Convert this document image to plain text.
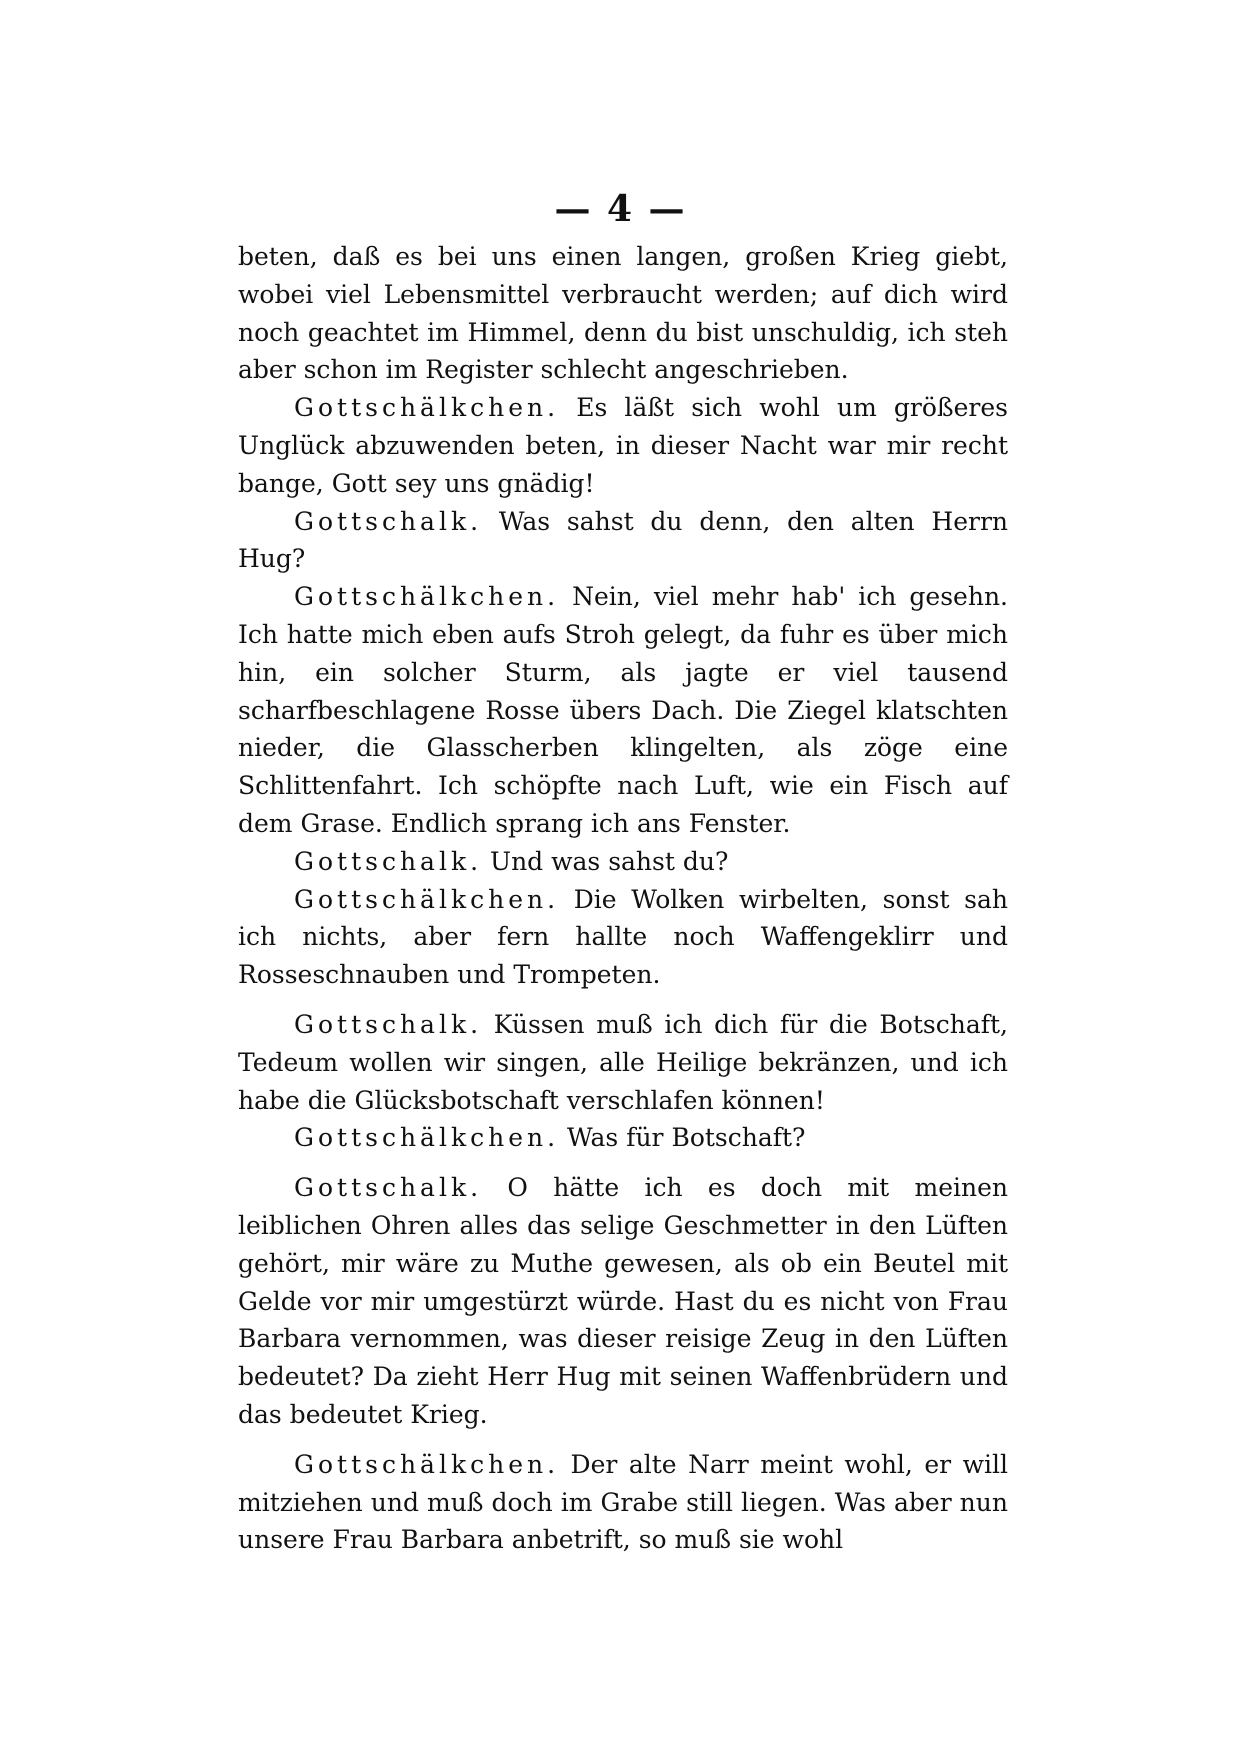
— 4 —

beten, daß es bei uns einen langen, großen Krieg giebt, wobei viel Lebensmittel verbraucht werden; auf dich wird noch geachtet im Himmel, denn du bist unschuldig, ich steh aber schon im Register schlecht angeschrieben.

Gottschälkchen. Es läßt sich wohl um größeres Unglück abzuwenden beten, in dieser Nacht war mir recht bange, Gott sey uns gnädig!

Gottschalk. Was sahst du denn, den alten Herrn Hug?

Gottschälkchen. Nein, viel mehr hab' ich gesehn. Ich hatte mich eben aufs Stroh gelegt, da fuhr es über mich hin, ein solcher Sturm, als jagte er viel tausend scharfbeschlagene Rosse übers Dach. Die Ziegel klatschten nieder, die Glasscherben klingelten, als zöge eine Schlittenfahrt. Ich schöpfte nach Luft, wie ein Fisch auf dem Grase. Endlich sprang ich ans Fenster.

Gottschalk. Und was sahst du?

Gottschälkchen. Die Wolken wirbelten, sonst sah ich nichts, aber fern hallte noch Waffengeklirr und Rosseschnauben und Trompeten.

Gottschalk. Küssen muß ich dich für die Botschaft, Tedeum wollen wir singen, alle Heilige bekränzen, und ich habe die Glücksbotschaft verschlafen können!

Gottschälkchen. Was für Botschaft?

Gottschalk. O hätte ich es doch mit meinen leiblichen Ohren alles das selige Geschmetter in den Lüften gehört, mir wäre zu Muthe gewesen, als ob ein Beutel mit Gelde vor mir umgestürzt würde. Hast du es nicht von Frau Barbara vernommen, was dieser reisige Zeug in den Lüften bedeutet? Da zieht Herr Hug mit seinen Waffenbrüdern und das bedeutet Krieg.

Gottschälkchen. Der alte Narr meint wohl, er will mitziehen und muß doch im Grabe still liegen. Was aber nun unsere Frau Barbara anbetrift, so muß sie wohl
